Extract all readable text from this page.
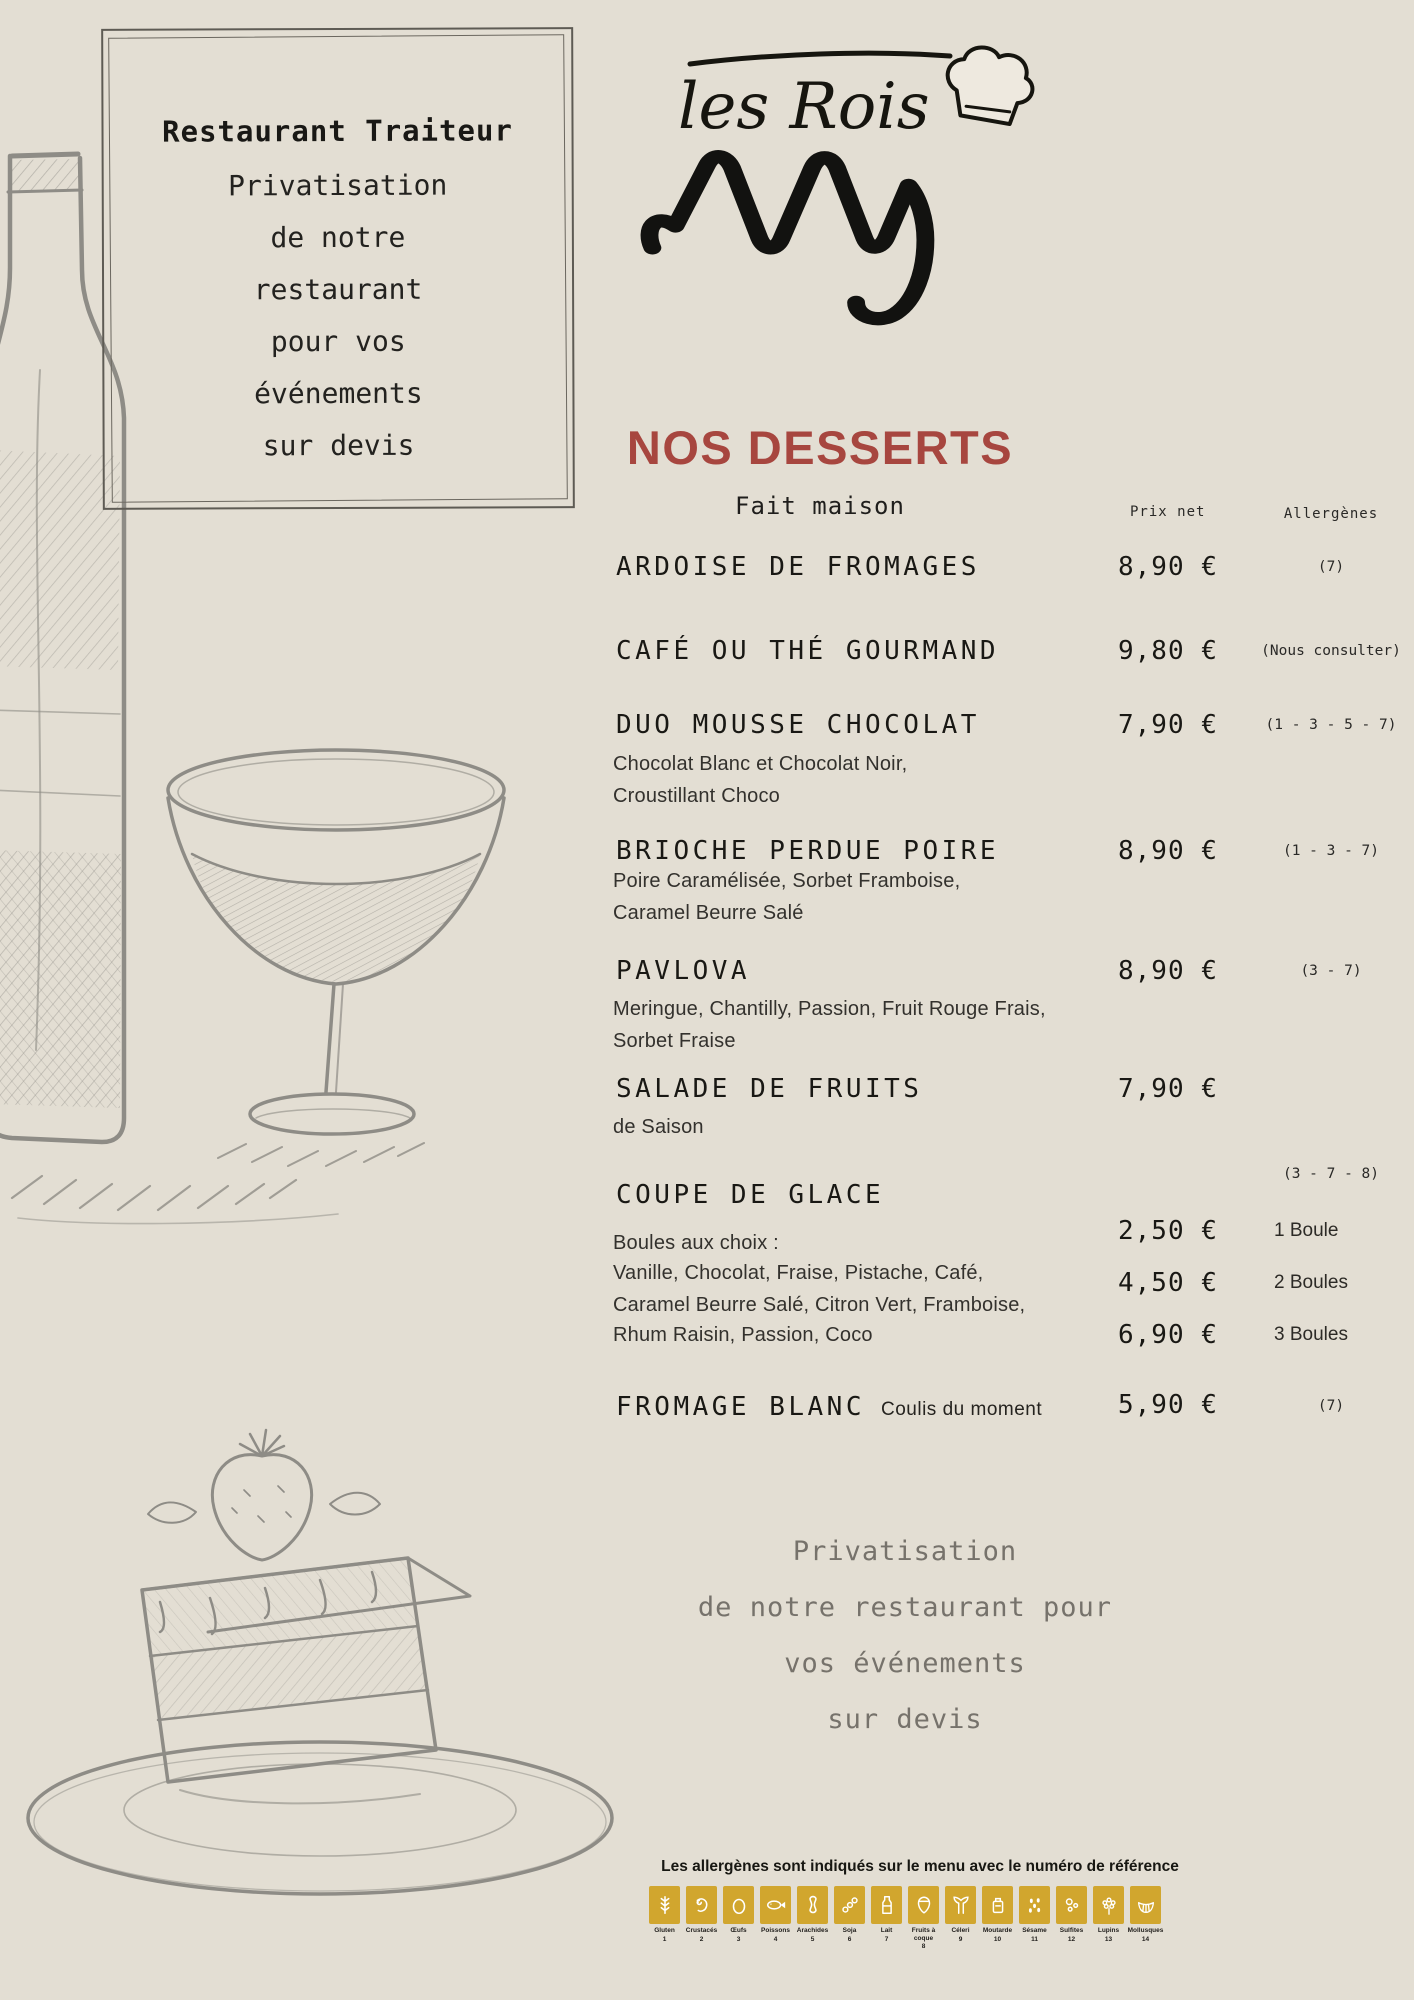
Restaurant Traiteur
Privatisation
de notre
restaurant
pour vos
événements
sur devis
les Rois
NOS DESSERTS
Fait maison	Prix net	Allergènes
ARDOISE DE FROMAGES	8,90 €	(7)
CAFÉ OU THÉ GOURMAND	9,80 €	(Nous consulter)
DUO MOUSSE CHOCOLAT	7,90 €	(1 - 3 - 5 - 7)
Chocolat Blanc et Chocolat Noir,
Croustillant Choco
BRIOCHE PERDUE POIRE	8,90 €	(1 - 3 - 7)
Poire Caramélisée, Sorbet Framboise,
Caramel Beurre Salé
PAVLOVA	8,90 €	(3 - 7)
Meringue, Chantilly, Passion, Fruit Rouge Frais,
Sorbet Fraise
SALADE DE FRUITS	7,90 €
de Saison
COUPE DE GLACE
(3 - 7 - 8)
Boules aux choix :
Vanille, Chocolat, Fraise, Pistache, Café,
Caramel Beurre Salé, Citron Vert, Framboise,
Rhum Raisin, Passion, Coco
2,50 €	1 Boule
4,50 €	2 Boules
6,90 €	3 Boules
FROMAGE BLANC Coulis du moment	5,90 €	(7)
Privatisation
de notre restaurant pour
vos événements
sur devis
Les allergènes sont indiqués sur le menu avec le numéro de référence
Gluten
1
Crustacés
2
Œufs
3
Poissons
4
Arachides
5
Soja
6
Lait
7
Fruits à coque
8
Céleri
9
Moutarde
10
Sésame
11
Sulfites
12
Lupins
13
Mollusques
14
